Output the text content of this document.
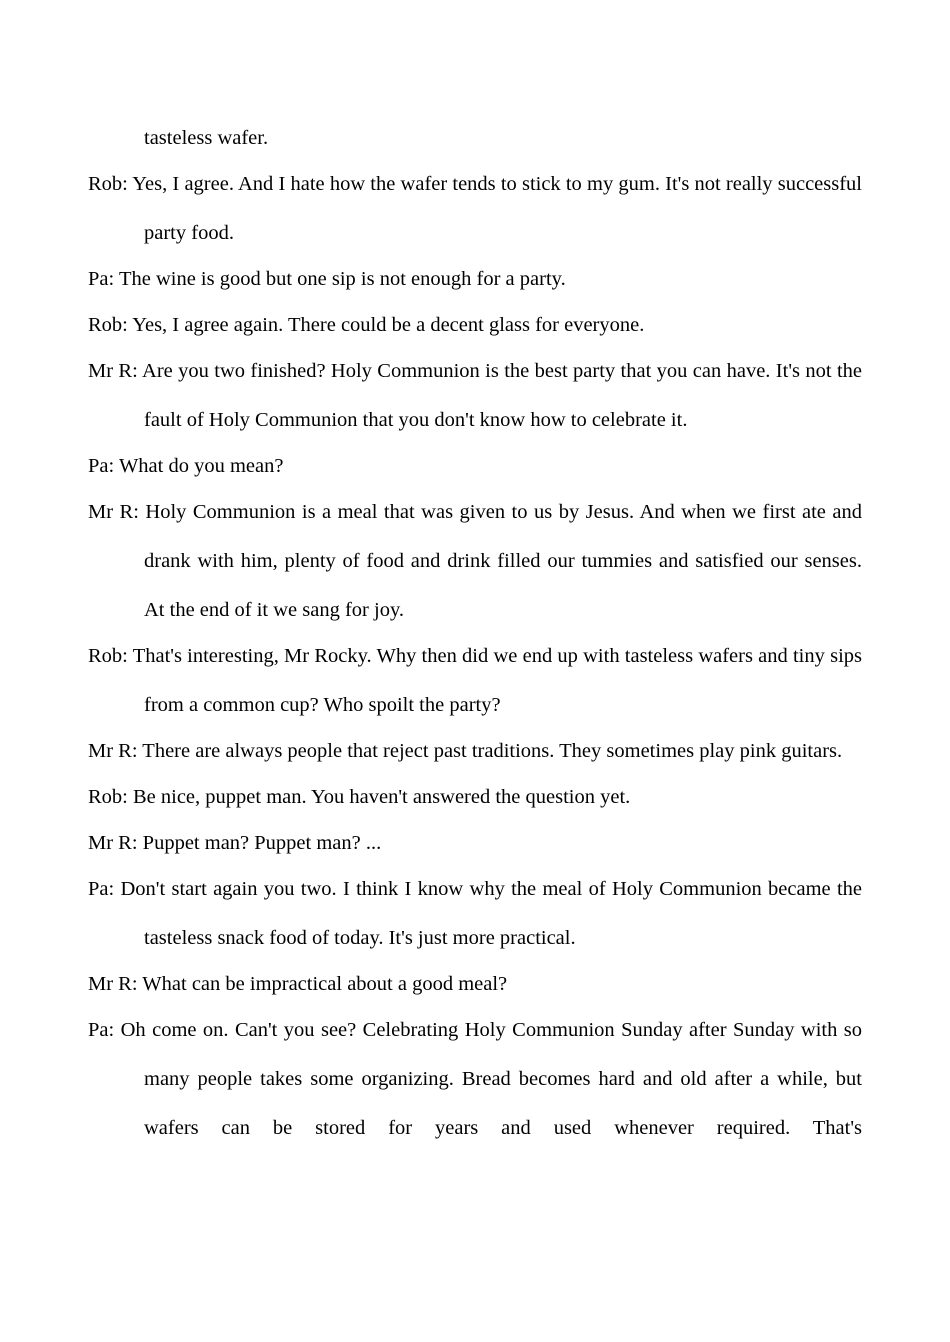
tasteless wafer.

Rob: Yes, I agree. And I hate how the wafer tends to stick to my gum. It's not really successful party food.

Pa: The wine is good but one sip is not enough for a party.

Rob: Yes, I agree again. There could be a decent glass for everyone.

Mr R: Are you two finished? Holy Communion is the best party that you can have. It's not the fault of Holy Communion that you don't know how to celebrate it.

Pa: What do you mean?

Mr R: Holy Communion is a meal that was given to us by Jesus. And when we first ate and drank with him, plenty of food and drink filled our tummies and satisfied our senses. At the end of it we sang for joy.

Rob: That's interesting, Mr Rocky. Why then did we end up with tasteless wafers and tiny sips from a common cup? Who spoilt the party?

Mr R: There are always people that reject past traditions. They sometimes play pink guitars.

Rob: Be nice, puppet man. You haven't answered the question yet.

Mr R: Puppet man? Puppet man? ...

Pa: Don't start again you two. I think I know why the meal of Holy Communion became the tasteless snack food of today. It's just more practical.

Mr R: What can be impractical about a good meal?

Pa: Oh come on. Can't you see? Celebrating Holy Communion Sunday after Sunday with so many people takes some organizing. Bread becomes hard and old after a while, but wafers can be stored for years and used whenever required. That's
